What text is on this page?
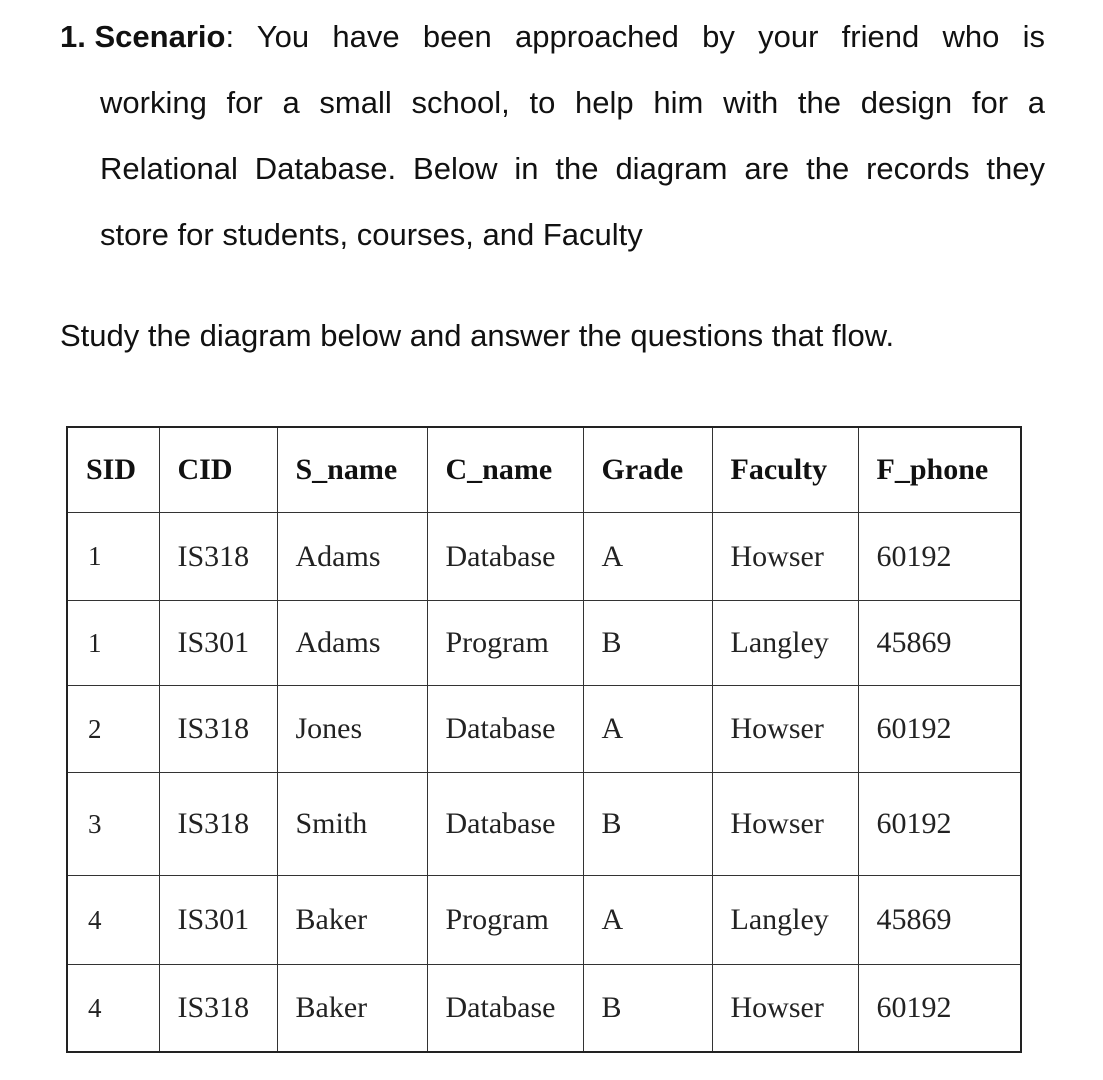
1. Scenario : You have been approached by your friend who is
working for a small school, to help him with the design for a
Relational Database. Below in the diagram are the records they
store for students, courses, and Faculty
Study the diagram below and answer the questions that flow.
SID	CID	S_name	C_name	Grade	Faculty	F_phone
1	IS318	Adams	Database	A	Howser	60192
1	IS301	Adams	Program	B	Langley	45869
2	IS318	Jones	Database	A	Howser	60192
3	IS318	Smith	Database	B	Howser	60192
4	IS301	Baker	Program	A	Langley	45869
4	IS318	Baker	Database	B	Howser	60192
